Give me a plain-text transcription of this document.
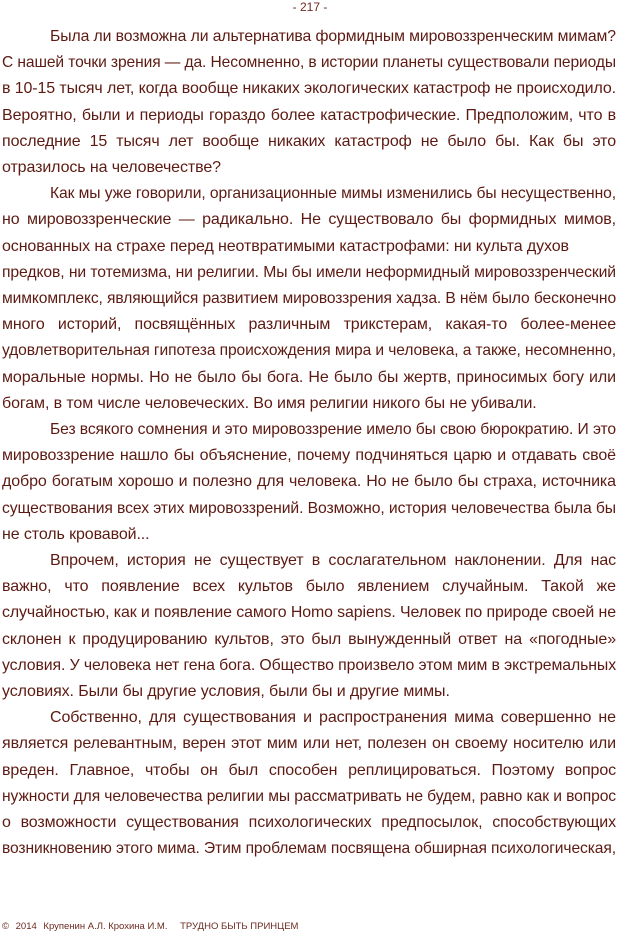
- 217 -
Была ли возможна ли альтернатива формидным мировоззренческим мимам?
С нашей точки зрения — да. Несомненно, в истории планеты существовали периоды
в 10-15 тысяч лет, когда вообще никаких экологических катастроф не происходило.
Вероятно, были и периоды гораздо более катастрофические. Предположим, что в
последние 15 тысяч лет вообще никаких катастроф не было бы. Как бы это
отразилось на человечестве?
Как мы уже говорили, организационные мимы изменились бы несущественно,
но мировоззренческие — радикально. Не существовало бы формидных мимов,
основанных на страхе перед неотвратимыми катастрофами: ни культа духов
предков, ни тотемизма, ни религии. Мы бы имели неформидный мировоззренческий
мимкомплекс, являющийся развитием мировоззрения хадза. В нём было бесконечно
много историй, посвящённых различным трикстерам, какая-то более-менее
удовлетворительная гипотеза происхождения мира и человека, а также, несомненно,
моральные нормы. Но не было бы бога. Не было бы жертв, приносимых богу или
богам, в том числе человеческих. Во имя религии никого бы не убивали.
Без всякого сомнения и это мировоззрение имело бы свою бюрократию. И это
мировоззрение нашло бы объяснение, почему подчиняться царю и отдавать своё
добро богатым хорошо и полезно для человека. Но не было бы страха, источника
существования всех этих мировоззрений. Возможно, история человечества была бы
не столь кровавой...
Впрочем, история не существует в сослагательном наклонении. Для нас
важно, что появление всех культов было явлением случайным. Такой же
случайностью, как и появление самого Homo sapiens. Человек по природе своей не
склонен к продуцированию культов, это был вынужденный ответ на «погодные»
условия. У человека нет гена бога. Общество произвело этом мим в экстремальных
условиях. Были бы другие условия, были бы и другие мимы.
Собственно, для существования и распространения мима совершенно не
является релевантным, верен этот мим или нет, полезен он своему носителю или
вреден. Главное, чтобы он был способен реплицироваться. Поэтому вопрос
нужности для человечества религии мы рассматривать не будем, равно как и вопрос
о возможности существования психологических предпосылок, способствующих
возникновению этого мима. Этим проблемам посвящена обширная психологическая,
© 2014 Крупенин А.Л. Крохина И.М. ТРУДНО БЫТЬ ПРИНЦЕМ
